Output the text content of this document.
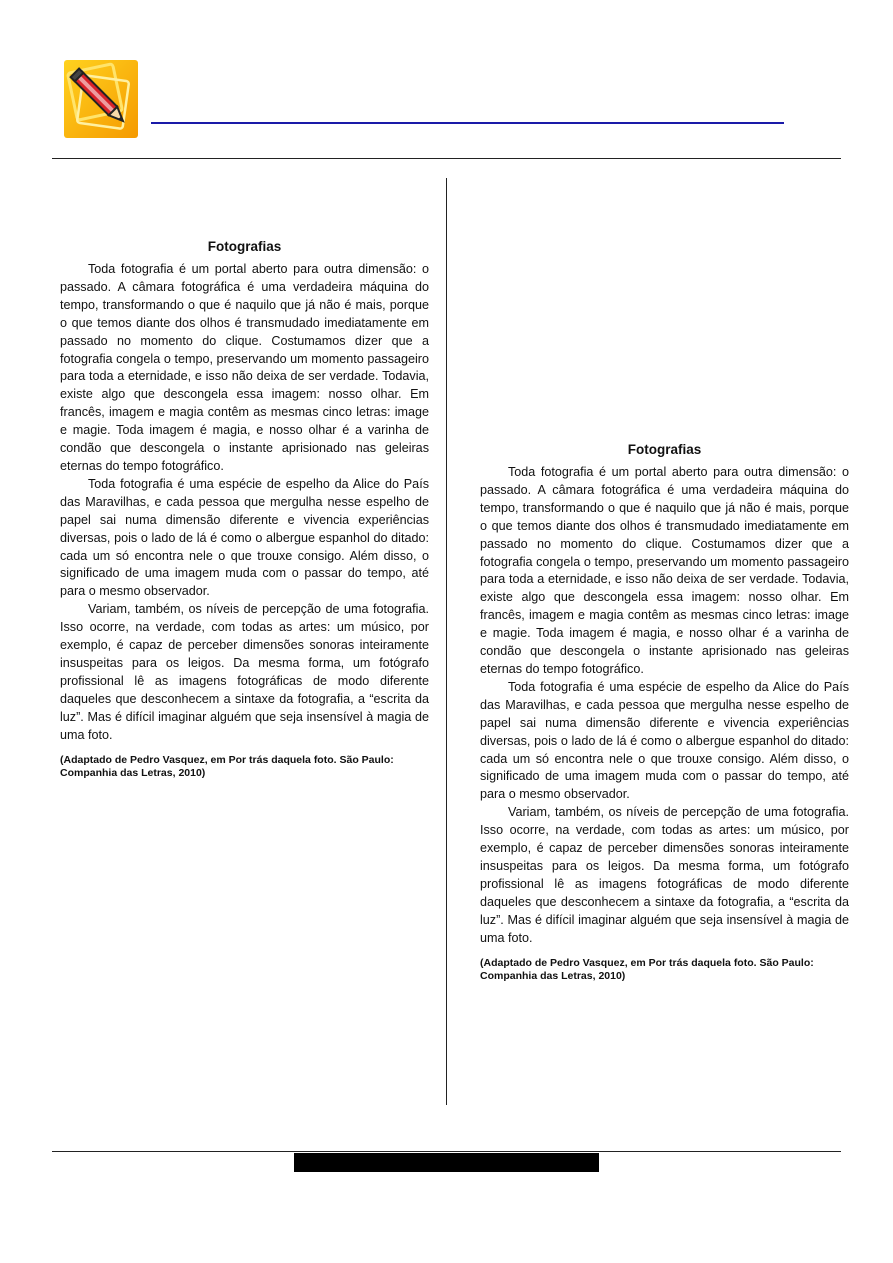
Fotografias

Toda fotografia é um portal aberto para outra dimensão: o passado. A câmara fotográfica é uma verdadeira máquina do tempo, transformando o que é naquilo que já não é mais, porque o que temos diante dos olhos é transmudado imediatamente em passado no momento do clique. Costumamos dizer que a fotografia congela o tempo, preservando um momento passageiro para toda a eternidade, e isso não deixa de ser verdade. Todavia, existe algo que descongela essa imagem: nosso olhar. Em francês, imagem e magia contêm as mesmas cinco letras: image e magie. Toda imagem é magia, e nosso olhar é a varinha de condão que descongela o instante aprisionado nas geleiras eternas do tempo fotográfico.

Toda fotografia é uma espécie de espelho da Alice do País das Maravilhas, e cada pessoa que mergulha nesse espelho de papel sai numa dimensão diferente e vivencia experiências diversas, pois o lado de lá é como o albergue espanhol do ditado: cada um só encontra nele o que trouxe consigo. Além disso, o significado de uma imagem muda com o passar do tempo, até para o mesmo observador.

Variam, também, os níveis de percepção de uma fotografia. Isso ocorre, na verdade, com todas as artes: um músico, por exemplo, é capaz de perceber dimensões sonoras inteiramente insuspeitas para os leigos. Da mesma forma, um fotógrafo profissional lê as imagens fotográficas de modo diferente daqueles que desconhecem a sintaxe da fotografia, a “escrita da luz”. Mas é difícil imaginar alguém que seja insensível à magia de uma foto.

(Adaptado de Pedro Vasquez, em Por trás daquela foto. São Paulo: Companhia das Letras, 2010)

Fotografias

Toda fotografia é um portal aberto para outra dimensão: o passado. A câmara fotográfica é uma verdadeira máquina do tempo, transformando o que é naquilo que já não é mais, porque o que temos diante dos olhos é transmudado imediatamente em passado no momento do clique. Costumamos dizer que a fotografia congela o tempo, preservando um momento passageiro para toda a eternidade, e isso não deixa de ser verdade. Todavia, existe algo que descongela essa imagem: nosso olhar. Em francês, imagem e magia contêm as mesmas cinco letras: image e magie. Toda imagem é magia, e nosso olhar é a varinha de condão que descongela o instante aprisionado nas geleiras eternas do tempo fotográfico.

Toda fotografia é uma espécie de espelho da Alice do País das Maravilhas, e cada pessoa que mergulha nesse espelho de papel sai numa dimensão diferente e vivencia experiências diversas, pois o lado de lá é como o albergue espanhol do ditado: cada um só encontra nele o que trouxe consigo. Além disso, o significado de uma imagem muda com o passar do tempo, até para o mesmo observador.

Variam, também, os níveis de percepção de uma fotografia. Isso ocorre, na verdade, com todas as artes: um músico, por exemplo, é capaz de perceber dimensões sonoras inteiramente insuspeitas para os leigos. Da mesma forma, um fotógrafo profissional lê as imagens fotográficas de modo diferente daqueles que desconhecem a sintaxe da fotografia, a “escrita da luz”. Mas é difícil imaginar alguém que seja insensível à magia de uma foto.

(Adaptado de Pedro Vasquez, em Por trás daquela foto. São Paulo: Companhia das Letras, 2010)
